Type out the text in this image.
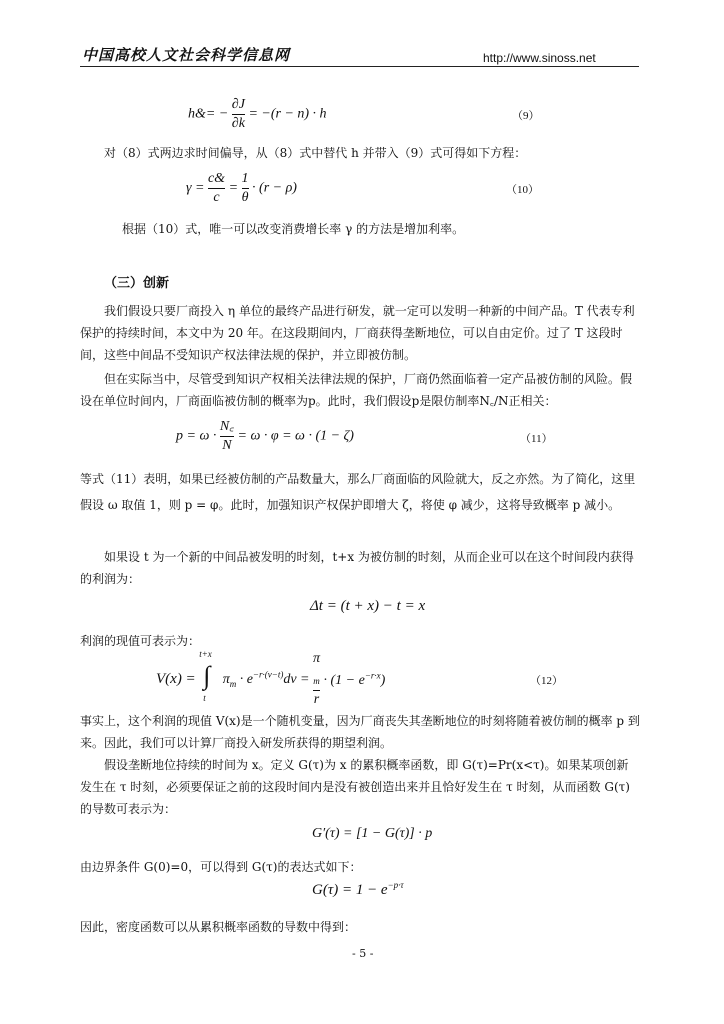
中国高校人文社会科学信息网	http://www.sinoss.net
h&= − $\frac{\partial J}{\partial k} = -(r - n) \cdot h$	（9）
对（8）式两边求时间偏导，从（8）式中替代 h 并带入（9）式可得如下方程：
$\gamma = \frac{c\&}{c} = \frac{1}{\theta} \cdot (r - \rho)$	（10）
根据（10）式，唯一可以改变消费增长率 γ 的方法是增加利率。
（三）创新
我们假设只要厂商投入 η 单位的最终产品进行研发，就一定可以发明一种新的中间产品。T 代表专利保护的持续时间，本文中为 20 年。在这段期间内，厂商获得垄断地位，可以自由定价。过了 T 这段时间，这些中间品不受知识产权法律法规的保护，并立即被仿制。
但在实际当中，尽管受到知识产权相关法律法规的保护，厂商仍然面临着一定产品被仿制的风险。假设在单位时间内，厂商面临被仿制的概率为p。此时，我们假设p是限仿制率N꜀/N正相关：
$p = \omega \cdot \frac{N꜀}{N} = \omega \cdot \varphi = \omega \cdot (1 - \zeta)$	（11）
等式（11）表明，如果已经被仿制的产品数量大，那么厂商面临的风险就大，反之亦然。为了简化，这里假设 ω 取值 1，则 p = φ。此时，加强知识产权保护即增大 ζ，将使 φ 减少，这将导致概率 p 减小。
如果设 t 为一个新的中间品被发明的时刻，t+x 为被仿制的时刻，从而企业可以在这个时间段内获得的利润为：
Δt = (t + x) − t = x
利润的现值可表示为：
V(x) =
t+x
∫
t
$\pi_m \cdot e^{-r\cdot(v-t)}dv = \pi$
$_m$
$r \cdot (1 - e^{-r\cdot x})$	（12）
事实上，这个利润的现值 V(x)是一个随机变量，因为厂商丧失其垄断地位的时刻将随着被仿制的概率 p 到来。因此，我们可以计算厂商投入研发所获得的期望利润。
假设垄断地位持续的时间为 x。定义 G(τ)为 x 的累积概率函数，即 G(τ)=Pr(x<τ)。如果某项创新发生在 τ 时刻，必须要保证之前的这段时间内是没有被创造出来并且恰好发生在 τ 时刻，从而函数 G(τ)的导数可表示为：
G′(τ) = [1 − G(τ)] · p
由边界条件 G(0)=0，可以得到 G(τ)的表达式如下：
$G(\tau) = 1 - e^{-p\cdot\tau}$
因此，密度函数可以从累积概率函数的导数中得到：
- 5 -
